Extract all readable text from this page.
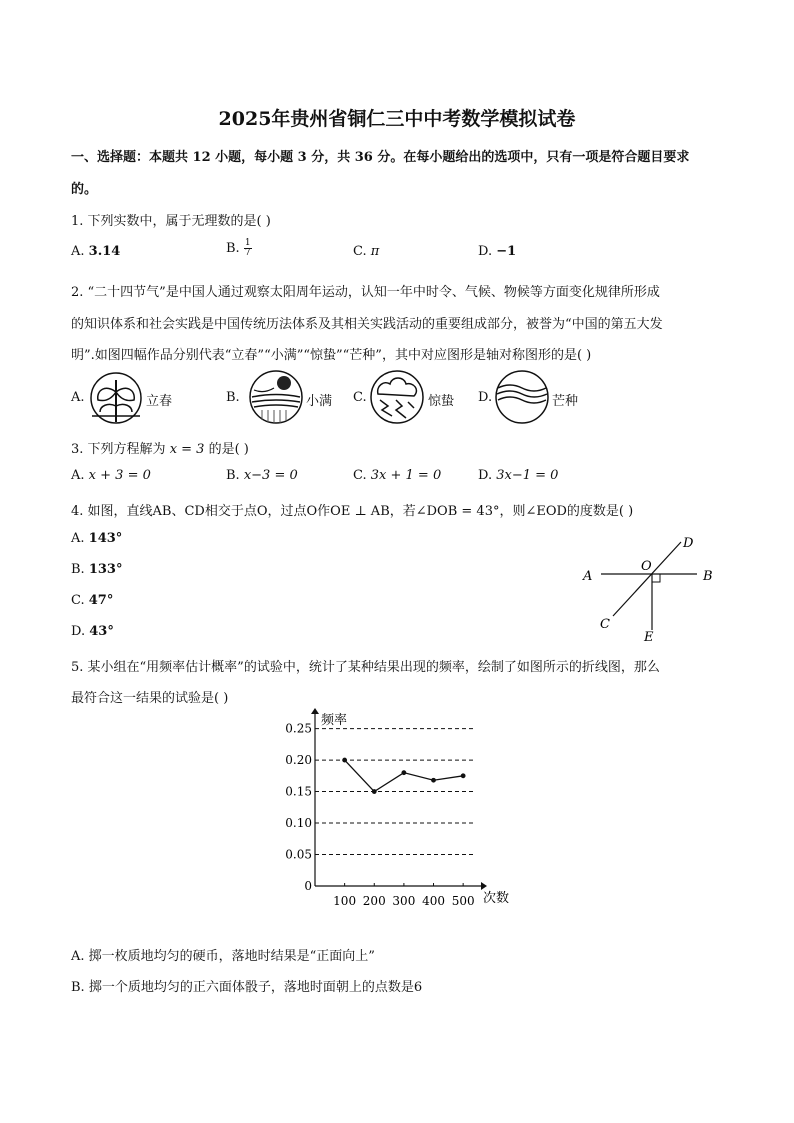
2025年贵州省铜仁三中中考数学模拟试卷
一、选择题：本题共 12 小题，每小题 3 分，共 36 分。在每小题给出的选项中，只有一项是符合题目要求
的。
1. 下列实数中，属于无理数的是( )
A. 3.14	B. $\frac{1}{7}$	C. π	D. −1
2. “二十四节气”是中国人通过观察太阳周年运动，认知一年中时令、气候、物候等方面变化规律所形成
的知识体系和社会实践是中国传统历法体系及其相关实践活动的重要组成部分，被誉为“中国的第五大发
明”.如图四幅作品分别代表“立春”“小满”“惊蛰”“芒种”，其中对应图形是轴对称图形的是( )
A.	立春	B.	小满 C.	惊蛰 D.	芒种
3. 下列方程解为 x = 3 的是( )
A. x + 3 = 0	B. x−3 = 0	C. 3x + 1 = 0	D. 3x−1 = 0
4. 如图，直线AB、CD相交于点O，过点O作OE ⊥ AB，若∠DOB = 43°，则∠EOD的度数是( )
A. 143°
B. 133°
C. 47°
D. 43°
A	B
C
D
O
E
5. 某小组在“用频率估计概率”的试验中，统计了某种结果出现的频率，绘制了如图所示的折线图，那么
最符合这一结果的试验是( )
0
0.05
0.10
0.15
0.20
0.25
100 200 300 400 500
频率
次数
A. 掷一枚质地均匀的硬币，落地时结果是“正面向上”
B. 掷一个质地均匀的正六面体骰子，落地时面朝上的点数是6
